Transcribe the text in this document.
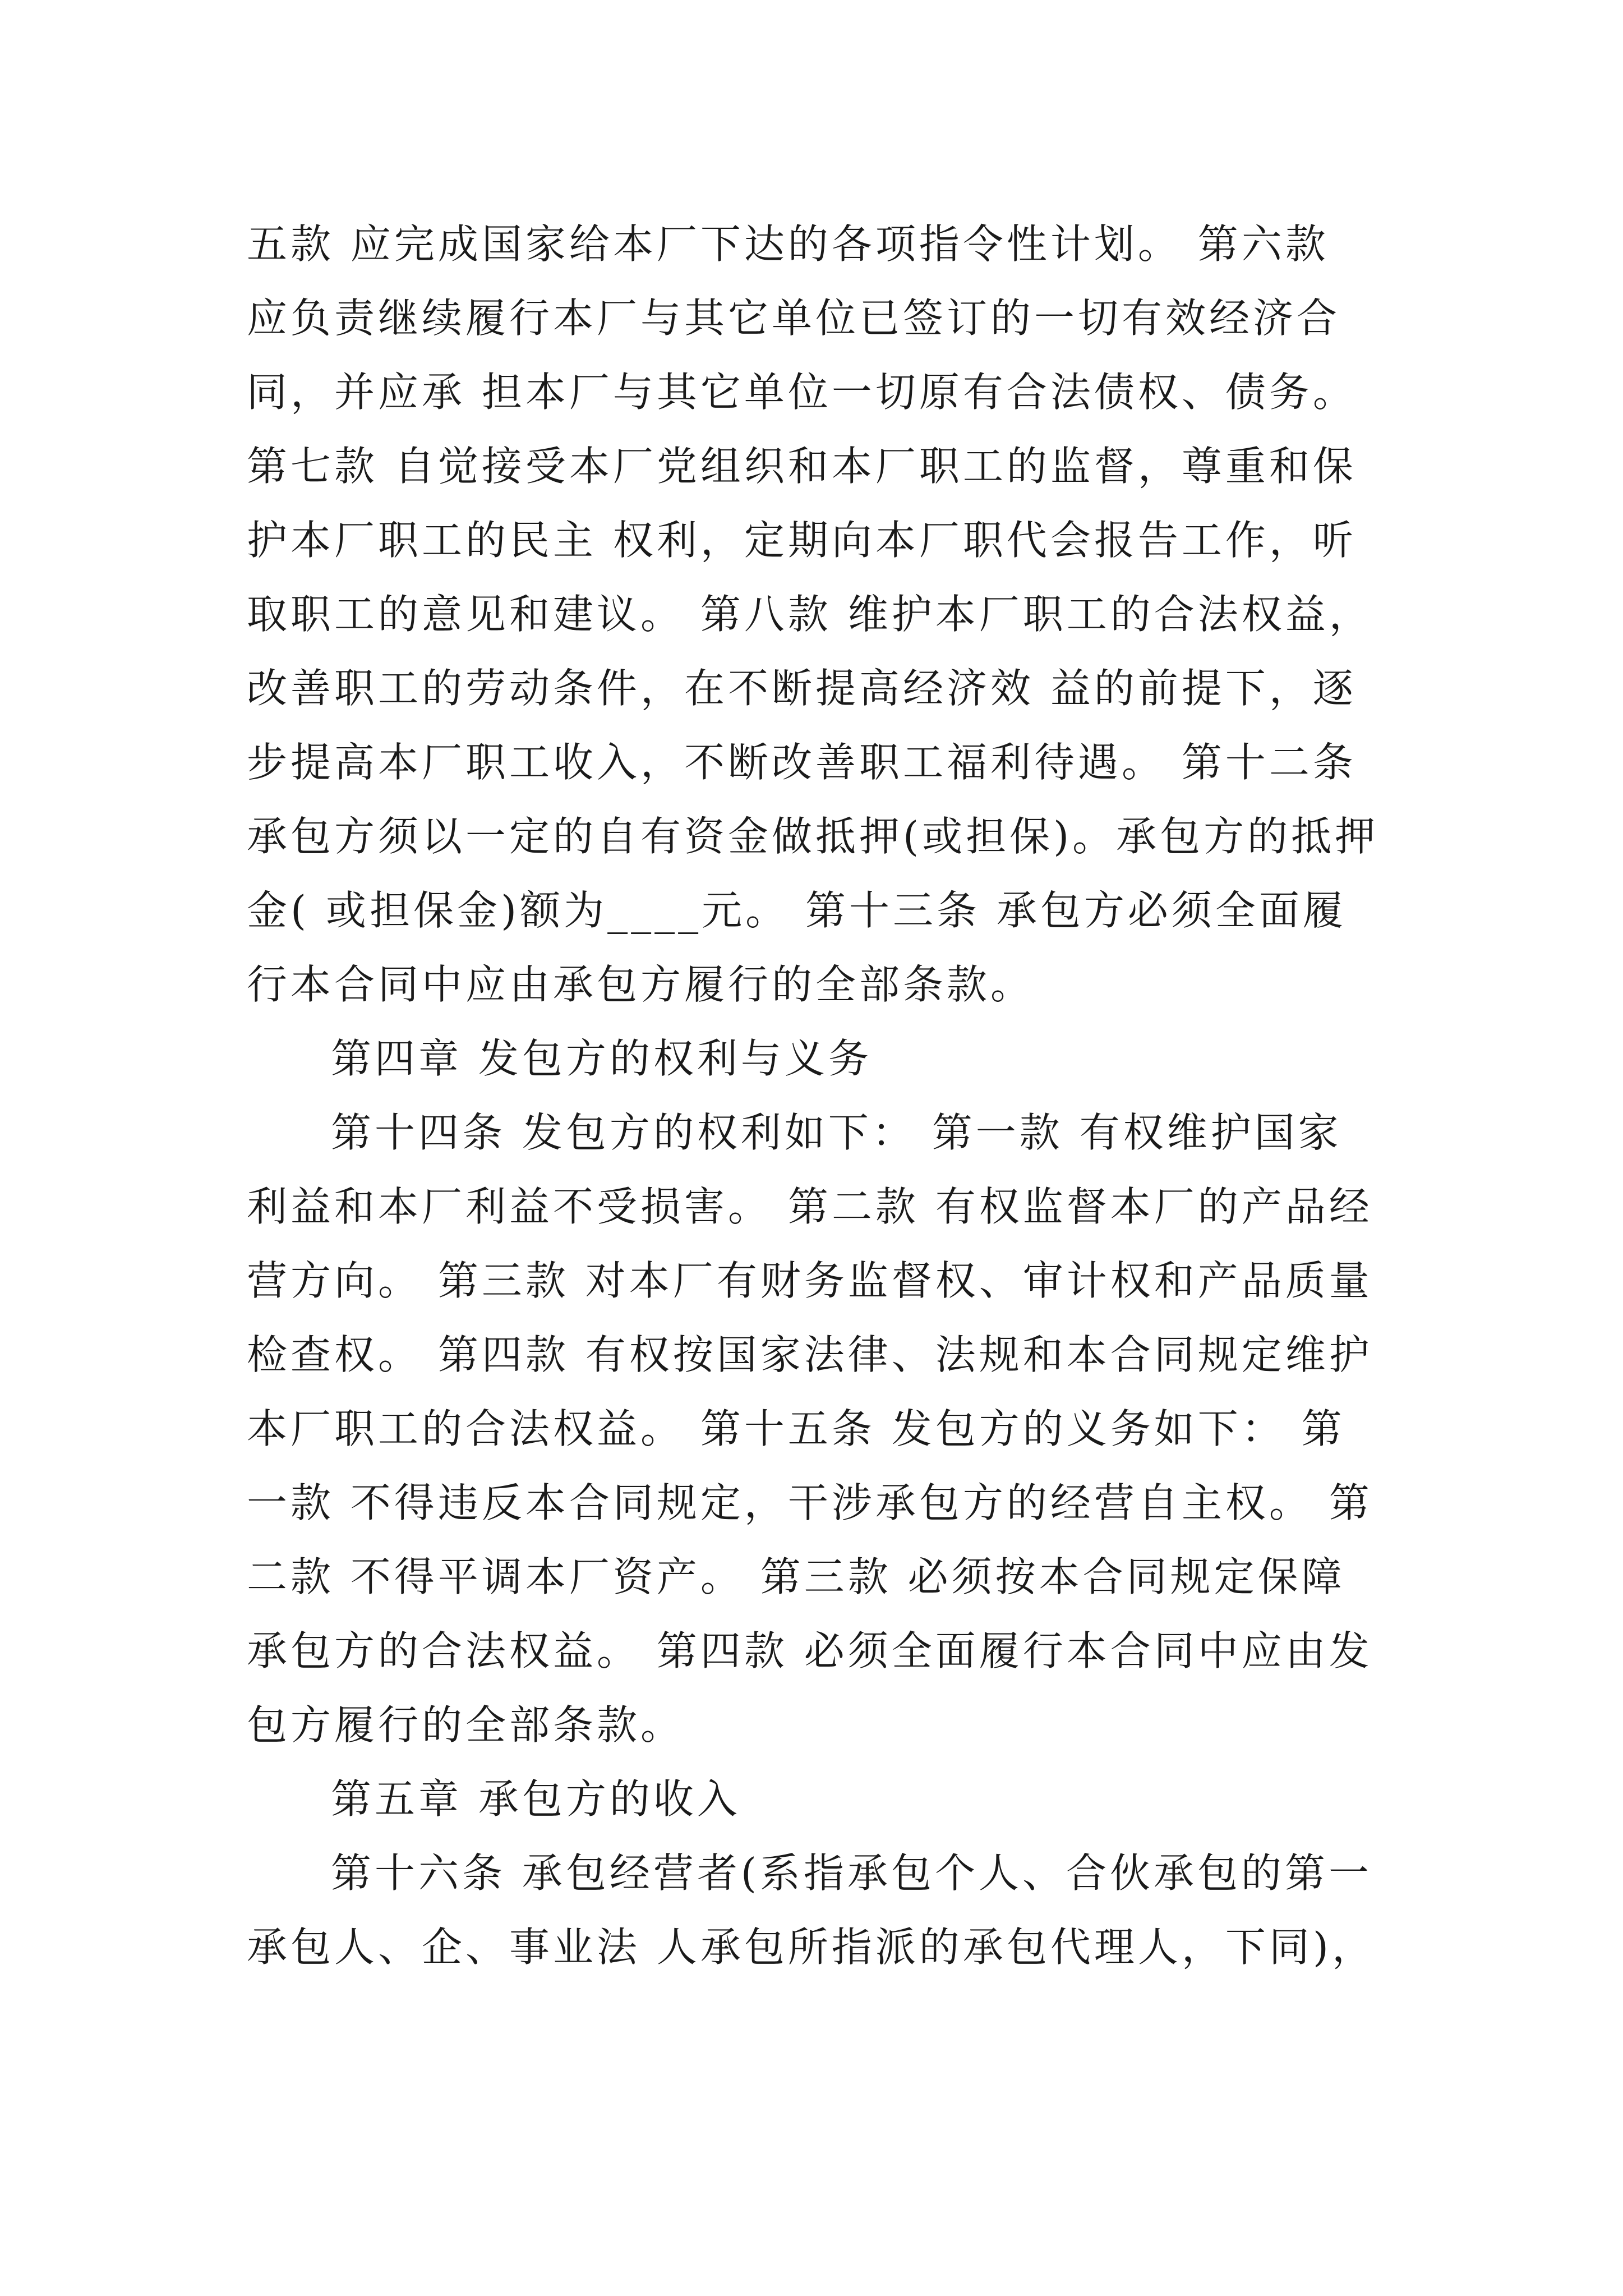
五款 应完成国家给本厂下达的各项指令性计划。 第六款
应负责继续履行本厂与其它单位已签订的一切有效经济合
同，并应承 担本厂与其它单位一切原有合法债权、债务。
第七款 自觉接受本厂党组织和本厂职工的监督，尊重和保
护本厂职工的民主 权利，定期向本厂职代会报告工作，听
取职工的意见和建议。 第八款 维护本厂职工的合法权益，
改善职工的劳动条件，在不断提高经济效 益的前提下，逐
步提高本厂职工收入，不断改善职工福利待遇。 第十二条
承包方须以一定的自有资金做抵押(或担保)。承包方的抵押
金( 或担保金)额为____元。 第十三条 承包方必须全面履
行本合同中应由承包方履行的全部条款。
第四章 发包方的权利与义务
第十四条 发包方的权利如下： 第一款 有权维护国家
利益和本厂利益不受损害。 第二款 有权监督本厂的产品经
营方向。 第三款 对本厂有财务监督权、审计权和产品质量
检查权。 第四款 有权按国家法律、法规和本合同规定维护
本厂职工的合法权益。 第十五条 发包方的义务如下： 第
一款 不得违反本合同规定，干涉承包方的经营自主权。 第
二款 不得平调本厂资产。 第三款 必须按本合同规定保障
承包方的合法权益。 第四款 必须全面履行本合同中应由发
包方履行的全部条款。
第五章 承包方的收入
第十六条 承包经营者(系指承包个人、合伙承包的第一
承包人、企、事业法 人承包所指派的承包代理人，下同)，
